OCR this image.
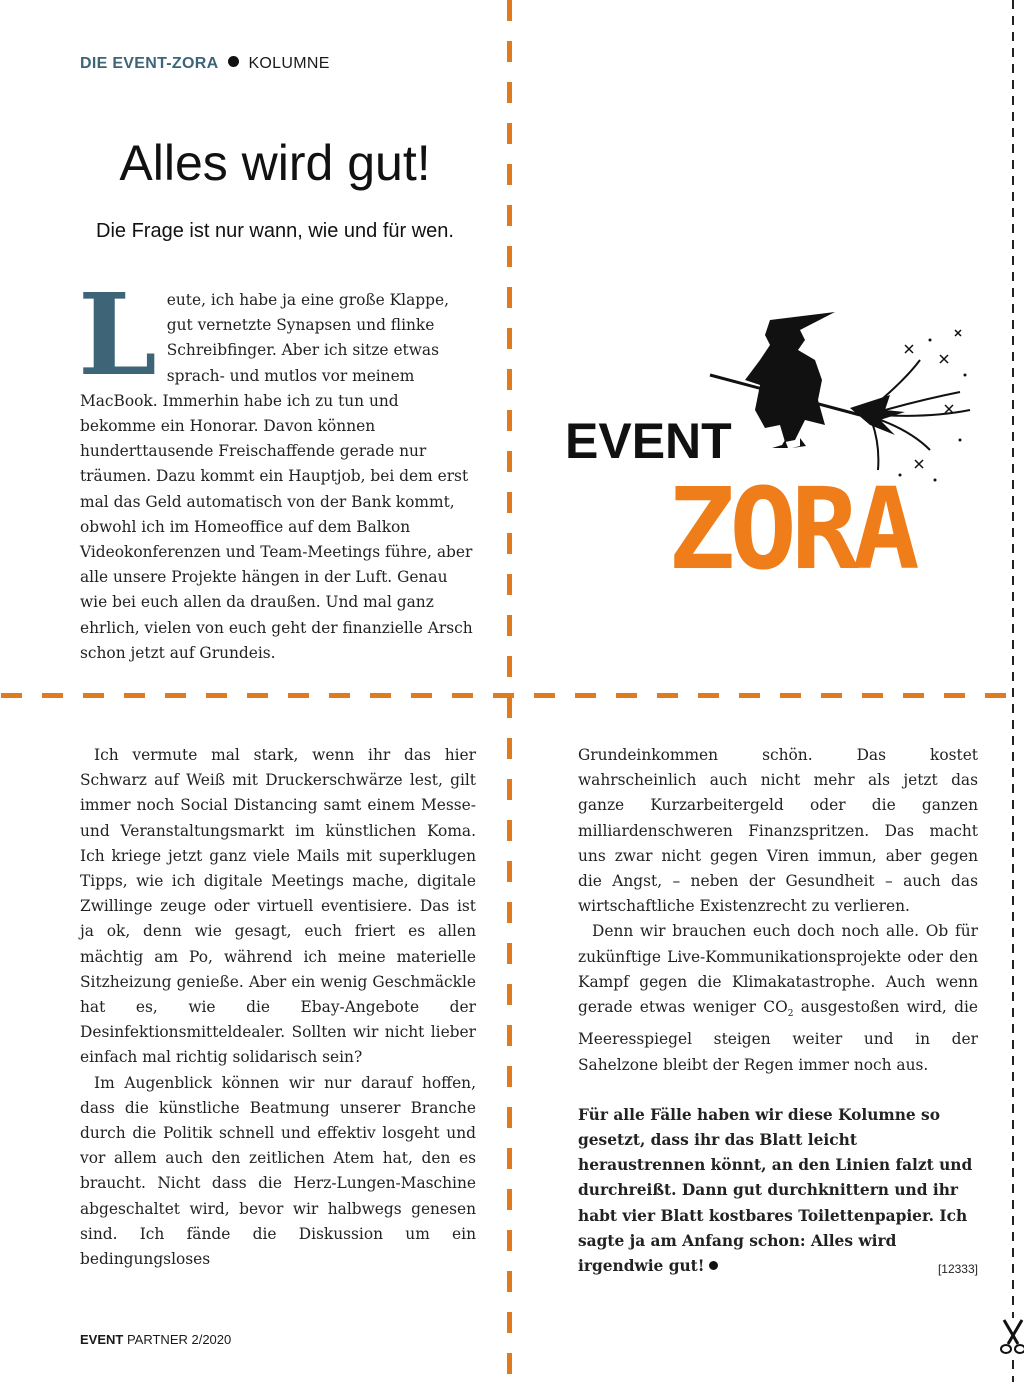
DIE EVENT-ZORA KOLUMNE
Alles wird gut!
Die Frage ist nur wann, wie und für wen.
Leute, ich habe ja eine große Klappe, gut vernetzte Synapsen und flinke Schreibfinger. Aber ich sitze etwas sprach- und mutlos vor meinem MacBook. Immerhin habe ich zu tun und bekomme ein Honorar. Davon können hunderttausende Freischaffende gerade nur träumen. Dazu kommt ein Hauptjob, bei dem erst mal das Geld automatisch von der Bank kommt, obwohl ich im Homeoffice auf dem Balkon Videokonferenzen und Team-Meetings führe, aber alle unsere Projekte hängen in der Luft. Genau wie bei euch allen da draußen. Und mal ganz ehrlich, vielen von euch geht der finanzielle Arsch schon jetzt auf Grundeis.
EVENT
ZORA

Ich vermute mal stark, wenn ihr das hier Schwarz auf Weiß mit Druckerschwärze lest, gilt immer noch Social Distancing samt einem Messe- und Veranstaltungsmarkt im künstlichen Koma. Ich kriege jetzt ganz viele Mails mit superklugen Tipps, wie ich digitale Meetings mache, digitale Zwillinge zeuge oder virtuell eventisiere. Das ist ja ok, denn wie gesagt, euch friert es allen mächtig am Po, während ich meine materielle Sitzheizung genieße. Aber ein wenig Geschmäckle hat es, wie die Ebay-Angebote der Desinfektionsmitteldealer. Sollten wir nicht lieber einfach mal richtig solidarisch sein?

Im Augenblick können wir nur darauf hoffen, dass die künstliche Beatmung unserer Branche durch die Politik schnell und effektiv losgeht und vor allem auch den zeitlichen Atem hat, den es braucht. Nicht dass die Herz-Lungen-Maschine abgeschaltet wird, bevor wir halbwegs genesen sind. Ich fände die Diskussion um ein bedingungsloses

Grundeinkommen schön. Das kostet wahrscheinlich auch nicht mehr als jetzt das ganze Kurzarbeitergeld oder die ganzen milliardenschweren Finanzspritzen. Das macht uns zwar nicht gegen Viren immun, aber gegen die Angst, – neben der Gesundheit – auch das wirtschaftliche Existenzrecht zu verlieren.

Denn wir brauchen euch doch noch alle. Ob für zukünftige Live-Kommunikationsprojekte oder den Kampf gegen die Klimakatastrophe. Auch wenn gerade etwas weniger $CO_2$ ausgestoßen wird, die Meeresspiegel steigen weiter und in der Sahelzone bleibt der Regen immer noch aus.

Für alle Fälle haben wir diese Kolumne so gesetzt, dass ihr das Blatt leicht heraustrennen könnt, an den Linien falzt und durchreißt. Dann gut durchknittern und ihr habt vier Blatt kostbares Toilettenpapier. Ich sagte ja am Anfang schon: Alles wird irgendwie gut!	[12333]

EVENT PARTNER 2/2020
